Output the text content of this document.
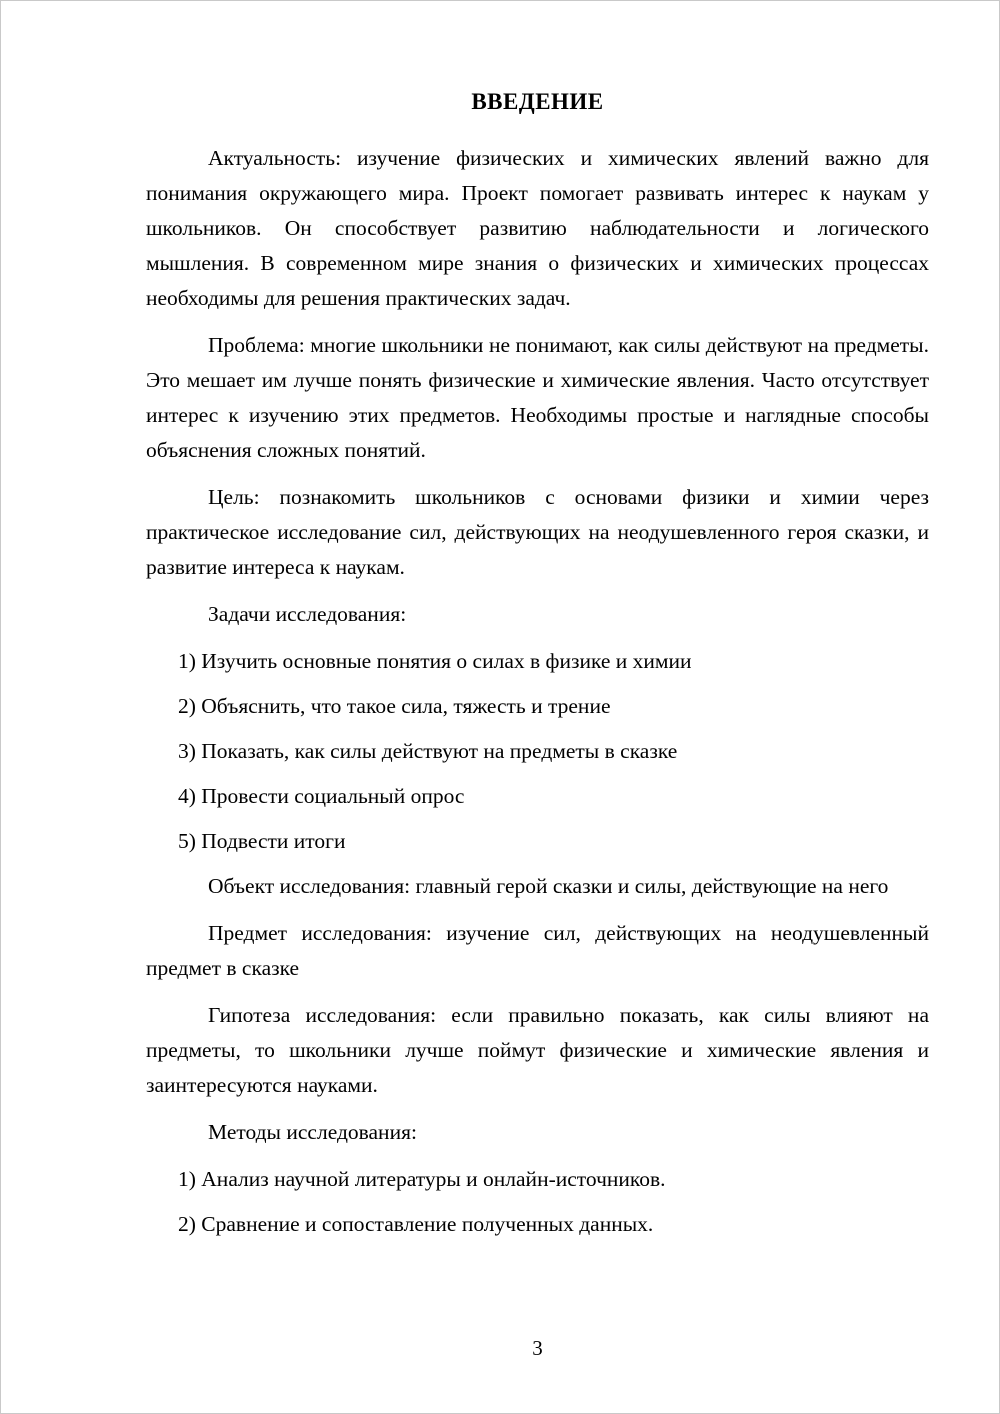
ВВЕДЕНИЕ

Актуальность: изучение физических и химических явлений важно для понимания окружающего мира. Проект помогает развивать интерес к наукам у школьников. Он способствует развитию наблюдательности и логического мышления. В современном мире знания о физических и химических процессах необходимы для решения практических задач.

Проблема: многие школьники не понимают, как силы действуют на предметы. Это мешает им лучше понять физические и химические явления. Часто отсутствует интерес к изучению этих предметов. Необходимы простые и наглядные способы объяснения сложных понятий.

Цель: познакомить школьников с основами физики и химии через практическое исследование сил, действующих на неодушевленного героя сказки, и развитие интереса к наукам.

Задачи исследования:

1) Изучить основные понятия о силах в физике и химии

2) Объяснить, что такое сила, тяжесть и трение

3) Показать, как силы действуют на предметы в сказке

4) Провести социальный опрос

5) Подвести итоги

Объект исследования: главный герой сказки и силы, действующие на него

Предмет исследования: изучение сил, действующих на неодушевленный предмет в сказке

Гипотеза исследования: если правильно показать, как силы влияют на предметы, то школьники лучше поймут физические и химические явления и заинтересуются науками.

Методы исследования:

1) Анализ научной литературы и онлайн-источников.

2) Сравнение и сопоставление полученных данных.

3
